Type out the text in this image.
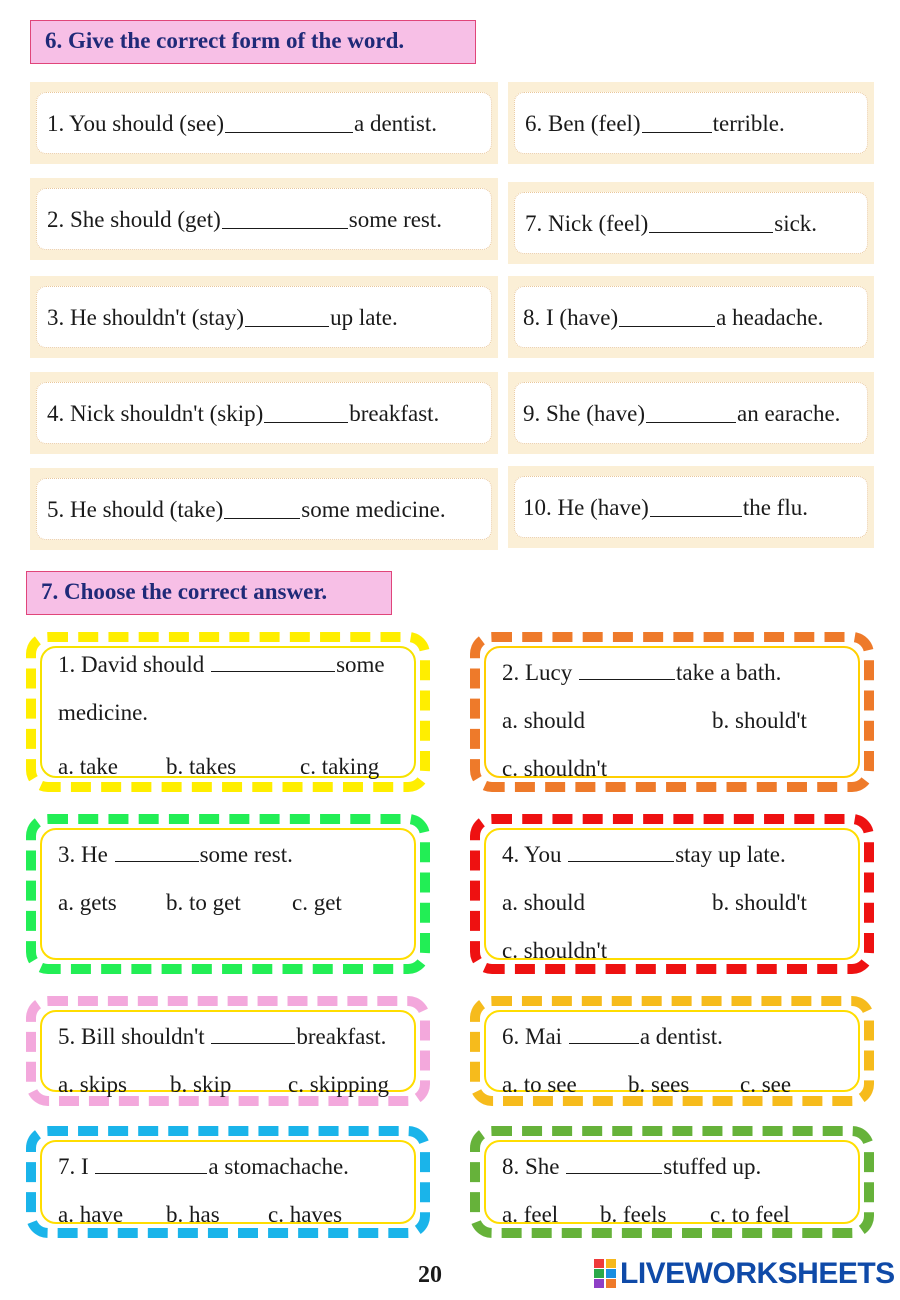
6. Give the correct form of the word.
1. You should (see)	a dentist.
2. She should (get)	some rest.
3. He shouldn't (stay)	up late.
4. Nick shouldn't (skip)	breakfast.
5. He should (take)	some medicine.
6. Ben (feel)	terrible.
7. Nick (feel)	sick.
8. I (have)	a headache.
9. She (have)	an earache.
10. He (have)	the flu.
7. Choose the correct answer.
1. David should	some
medicine.
a. take b. takes	c. taking
2. Lucy	take a bath.
a. should	b. should't
c. shouldn't
3. He	some rest.
a. gets b. to get c. get
4. You	stay up late.
a. should	b. should't
c. shouldn't
5. Bill shouldn't	breakfast.
a. skips b. skip c. skipping
6. Mai	a dentist.
a. to see b. sees c. see
7. I	a stomachache.
a. have b. has c. haves
8. She	stuffed up.
a. feel b. feels c. to feel
20	LIVEWORKSHEETS
